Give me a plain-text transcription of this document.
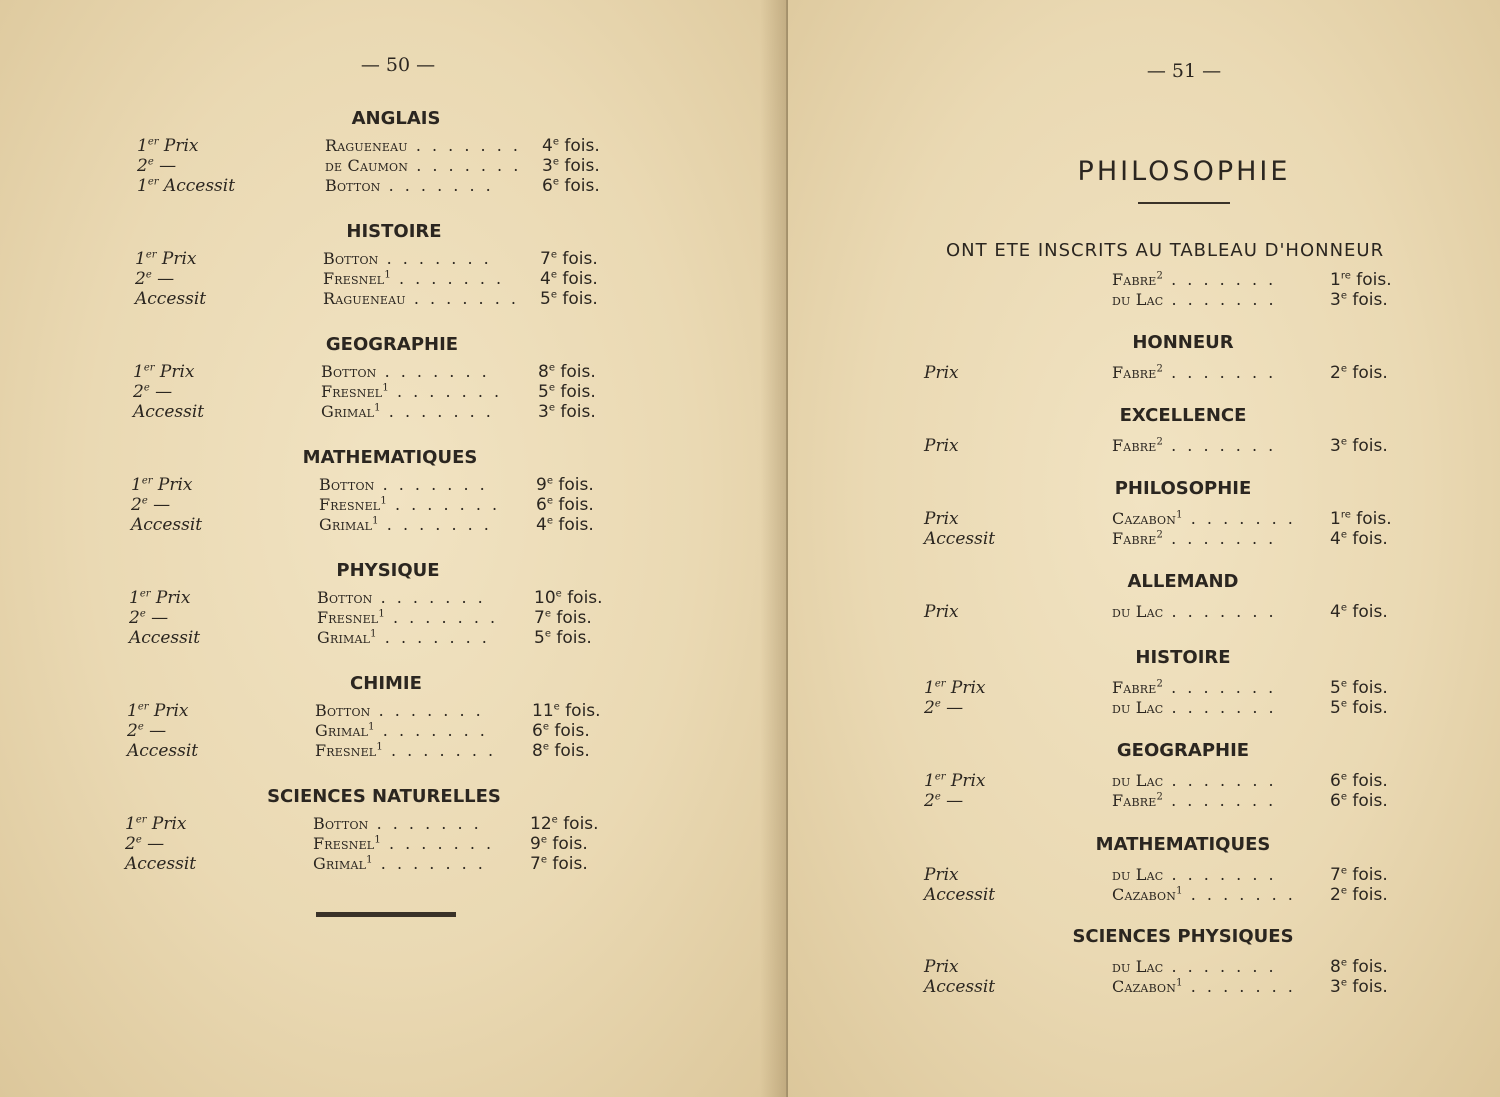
— 50 —
ANGLAIS
1er Prix	Ragueneau . . . . . . . 4e fois.
2e —	de Caumon . . . . . . . 3e fois.
1er Accessit	Botton . . . . . . .	6e fois.
HISTOIRE
1er Prix	Botton . . . . . . .	7e fois.
2e —	Fresnel$^1$ . . . . . . . 4e fois.
Accessit	Ragueneau . . . . . . . 5e fois.
GEOGRAPHIE
1er Prix	Botton . . . . . . .	8e fois.
2e —	Fresnel$^1$ . . . . . . . 5e fois.
Accessit	Grimal$^1$ . . . . . . .	3e fois.
MATHEMATIQUES
1er Prix	Botton . . . . . . .	9e fois.
2e —	Fresnel$^1$ . . . . . . . 6e fois.
Accessit	Grimal$^1$ . . . . . . .	4e fois.
PHYSIQUE
1er Prix	Botton . . . . . . .	10e fois.
2e —	Fresnel$^1$ . . . . . . . 7e fois.
Accessit	Grimal$^1$ . . . . . . .	5e fois.
CHIMIE
1er Prix	Botton . . . . . . .	11e fois.
2e —	Grimal$^1$ . . . . . . .	6e fois.
Accessit	Fresnel$^1$ . . . . . . . 8e fois.
SCIENCES NATURELLES
1er Prix	Botton . . . . . . .	12e fois.
2e —	Fresnel$^1$ . . . . . . . 9e fois.
Accessit	Grimal$^1$ . . . . . . .	7e fois.
— 51 —
PHILOSOPHIE
ONT ETE INSCRITS AU TABLEAU D'HONNEUR
Fabre$^2$ . . . . . . .	1re fois.
du Lac . . . . . . .	3e fois.
HONNEUR
Prix	Fabre$^2$ . . . . . . .	2e fois.
EXCELLENCE
Prix	Fabre$^2$ . . . . . . .	3e fois.
PHILOSOPHIE
Prix	Cazabon$^1$ . . . . . . . 1re fois.
Accessit	Fabre$^2$ . . . . . . .	4e fois.
ALLEMAND
Prix	du Lac . . . . . . .	4e fois.
HISTOIRE
1er Prix	Fabre$^2$ . . . . . . .	5e fois.
2e —	du Lac . . . . . . .	5e fois.
GEOGRAPHIE
1er Prix	du Lac . . . . . . .	6e fois.
2e —	Fabre$^2$ . . . . . . .	6e fois.
MATHEMATIQUES
Prix	du Lac . . . . . . .	7e fois.
Accessit	Cazabon$^1$ . . . . . . . 2e fois.
SCIENCES PHYSIQUES
Prix	du Lac . . . . . . .	8e fois.
Accessit	Cazabon$^1$ . . . . . . . 3e fois.
